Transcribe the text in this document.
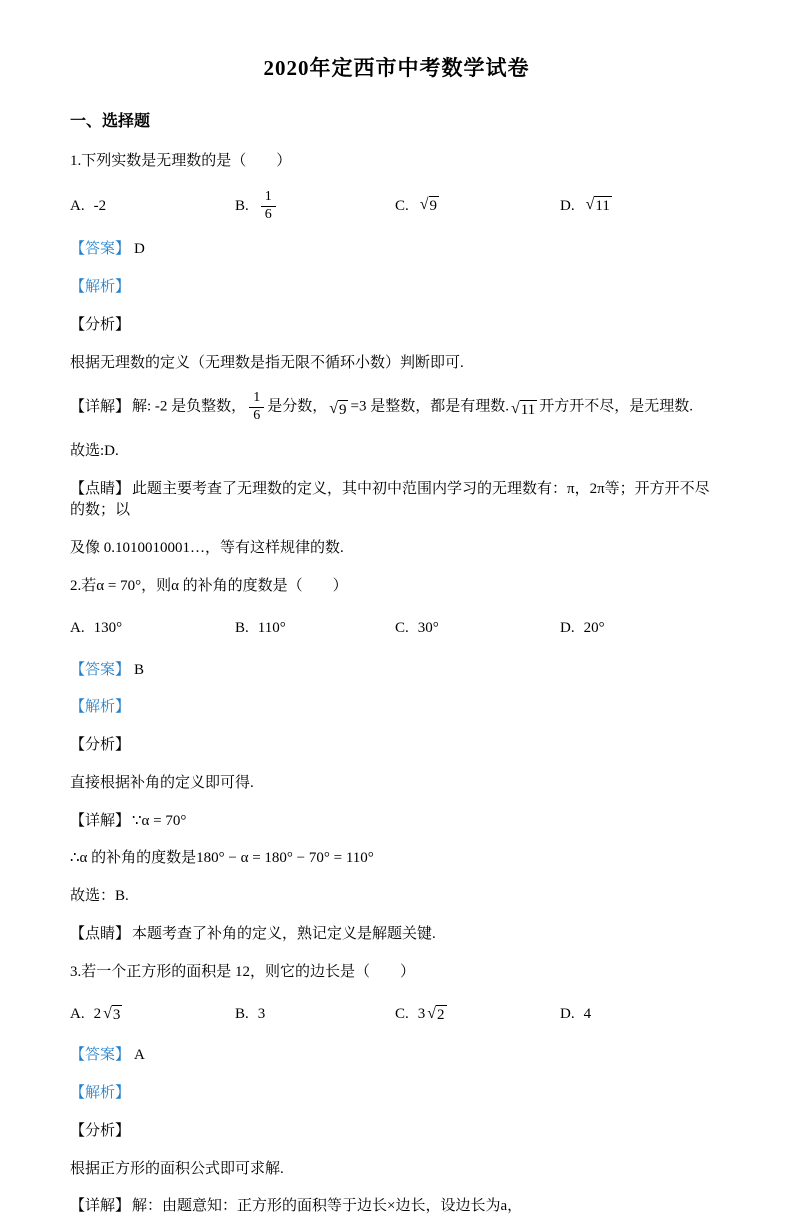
2020年定西市中考数学试卷
一、选择题

1.下列实数是无理数的是（　　）

A. -2	B. $\frac{1}{6}$	C. √ 9	D. √ 11

【答案】 D

【解析】

【分析】

根据无理数的定义（无理数是指无限不循环小数）判断即可.

【详解】 解: -2 是负整数， $\frac{1}{6}$ 是分数， √ 9 =3 是整数，都是有理数. √ 11 开方开不尽，是无理数.

故选:D.

【点睛】 此题主要考查了无理数的定义，其中初中范围内学习的无理数有：π，2π等；开方开不尽的数；以

及像 0.1010010001…，等有这样规律的数.

2.若α = 70°，则α 的补角的度数是（　　）

A. 130°	B. 110°	C. 30°	D. 20°

【答案】 B

【解析】

【分析】

直接根据补角的定义即可得.

【详解】 ∵α = 70°

∴α 的补角的度数是180° − α = 180° − 70° = 110°

故选：B.

【点睛】 本题考查了补角的定义，熟记定义是解题关键.

3.若一个正方形的面积是 12，则它的边长是（　　）

A. 2 √ 3	B. 3	C. 3 √ 2	D. 4

【答案】 A

【解析】

【分析】

根据正方形的面积公式即可求解.

【详解】 解：由题意知：正方形的面积等于边长×边长，设边长为a，
